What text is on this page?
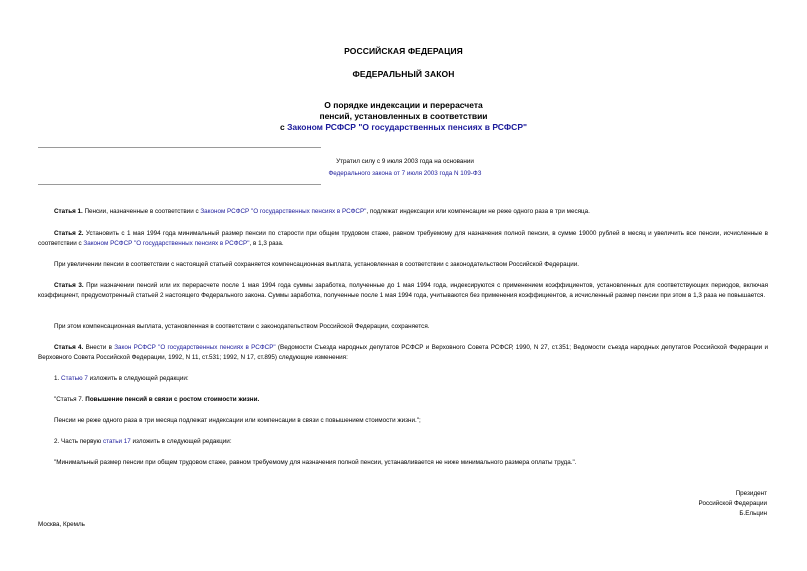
РОССИЙСКАЯ ФЕДЕРАЦИЯ
ФЕДЕРАЛЬНЫЙ ЗАКОН
О порядке индексации и перерасчета
пенсий, установленных в соответствии
с Законом РСФСР "О государственных пенсиях в РСФСР"
Утратил силу с 9 июля 2003 года на основании
Федерального закона от 7 июля 2003 года N 109-ФЗ
Статья 1. Пенсии, назначенные в соответствии с Законом РСФСР "О государственных пенсиях в РСФСР", подлежат индексации или компенсации не реже одного раза в три месяца.
Статья 2. Установить с 1 мая 1994 года минимальный размер пенсии по старости при общем трудовом стаже, равном требуемому для назначения полной пенсии, в сумме 19000 рублей в месяц и увеличить все пенсии, исчисленные в соответствии с Законом РСФСР "О государственных пенсиях в РСФСР", в 1,3 раза.
При увеличении пенсии в соответствии с настоящей статьей сохраняется компенсационная выплата, установленная в соответствии с законодательством Российской Федерации.
Статья 3. При назначении пенсий или их перерасчете после 1 мая 1994 года суммы заработка, полученные до 1 мая 1994 года, индексируются с применением коэффициентов, установленных для соответствующих периодов, включая коэффициент, предусмотренный статьей 2 настоящего Федерального закона. Суммы заработка, полученные после 1 мая 1994 года, учитываются без применения коэффициентов, а исчисленный размер пенсии при этом в 1,3 раза не повышается.
При этом компенсационная выплата, установленная в соответствии с законодательством Российской Федерации, сохраняется.
Статья 4. Внести в Закон РСФСР "О государственных пенсиях в РСФСР" (Ведомости Съезда народных депутатов РСФСР и Верховного Совета РСФСР, 1990, N 27, ст.351; Ведомости съезда народных депутатов Российской Федерации и Верховного Совета Российской Федерации, 1992, N 11, ст.531; 1992, N 17, ст.895) следующие изменения:
1. Статью 7 изложить в следующей редакции:
"Статья 7. Повышение пенсий в связи с ростом стоимости жизни.
Пенсии не реже одного раза в три месяца подлежат индексации или компенсации в связи с повышением стоимости жизни.";
2. Часть первую статьи 17 изложить в следующей редакции:
"Минимальный размер пенсии при общем трудовом стаже, равном требуемому для назначения полной пенсии, устанавливается не ниже минимального размера оплаты труда.".
Президент
Российской Федерации
Б.Ельцин
Москва, Кремль
